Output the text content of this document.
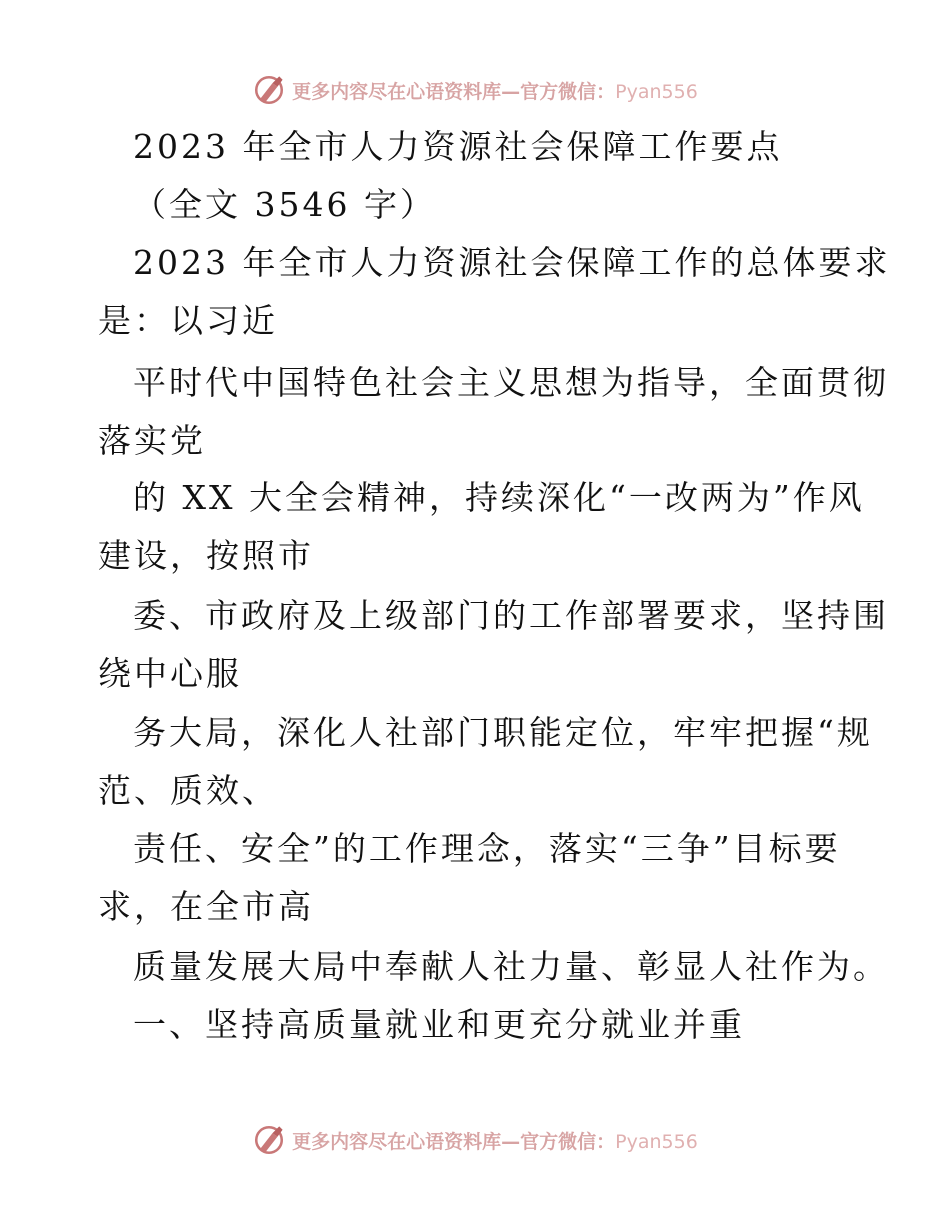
更多内容尽在心语资料库—官方微信：Pyan556
2023 年全市人力资源社会保障工作要点
（全文 3546 字）
2023 年全市人力资源社会保障工作的总体要求
是：以习近
平时代中国特色社会主义思想为指导，全面贯彻
落实党
的 XX 大全会精神，持续深化“一改两为”作风
建设，按照市
委、市政府及上级部门的工作部署要求，坚持围
绕中心服
务大局，深化人社部门职能定位，牢牢把握“规
范、质效、
责任、安全”的工作理念，落实“三争”目标要
求，在全市高
质量发展大局中奉献人社力量、彰显人社作为。
一、坚持高质量就业和更充分就业并重
更多内容尽在心语资料库—官方微信：Pyan556
